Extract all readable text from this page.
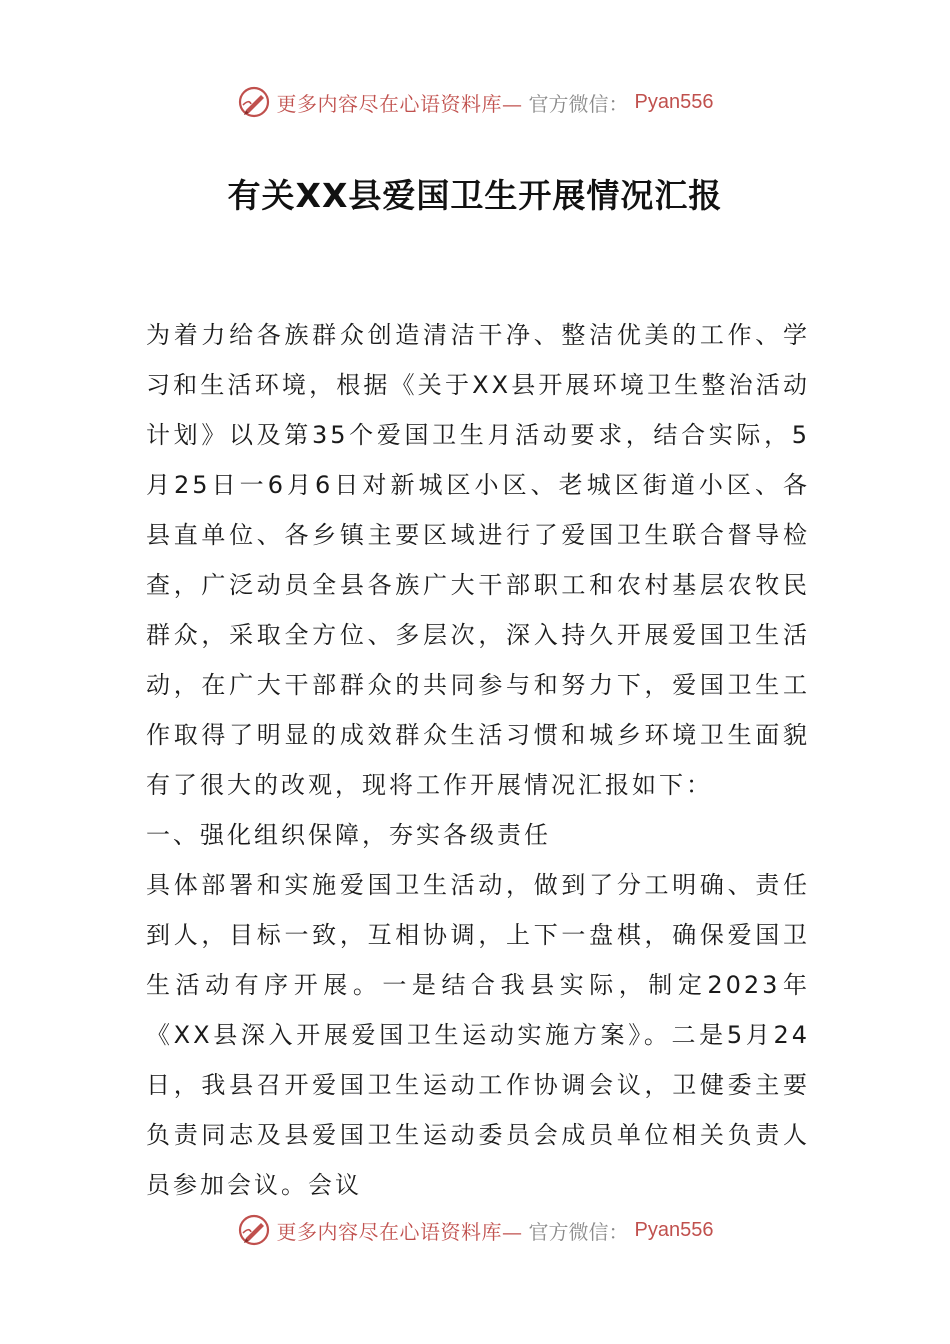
更多内容尽在心语资料库— 官方微信： Pyan556
有关XX县爱国卫生开展情况汇报

为着力给各族群众创造清洁干净、整洁优美的工作、学习和生活环境，根据《关于XX县开展环境卫生整治活动计划》以及第35个爱国卫生月活动要求，结合实际，5月25日一6月6日对新城区小区、老城区街道小区、各县直单位、各乡镇主要区域进行了爱国卫生联合督导检查，广泛动员全县各族广大干部职工和农村基层农牧民群众，采取全方位、多层次，深入持久开展爱国卫生活动，在广大干部群众的共同参与和努力下，爱国卫生工作取得了明显的成效群众生活习惯和城乡环境卫生面貌有了很大的改观，现将工作开展情况汇报如下：

一、强化组织保障，夯实各级责任

具体部署和实施爱国卫生活动，做到了分工明确、责任到人，目标一致，互相协调，上下一盘棋，确保爱国卫生活动有序开展。一是结合我县实际，制定2023年《XX县深入开展爱国卫生运动实施方案》。二是5月24日，我县召开爱国卫生运动工作协调会议，卫健委主要负责同志及县爱国卫生运动委员会成员单位相关负责人员参加会议。会议

更多内容尽在心语资料库— 官方微信： Pyan556
